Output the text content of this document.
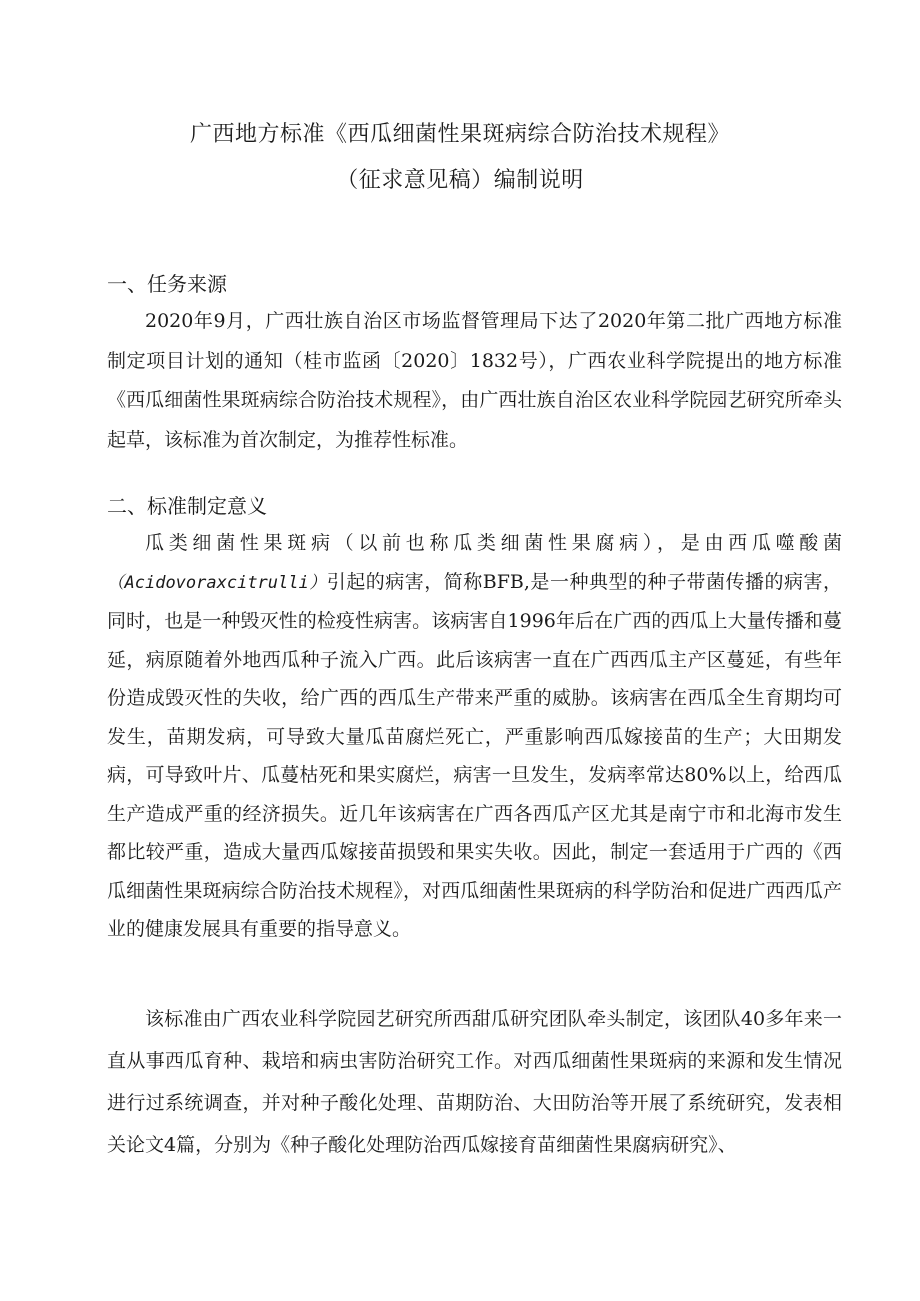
广西地方标准《西瓜细菌性果斑病综合防治技术规程》
（征求意见稿）编制说明
一、任务来源
2020年9月，广西壮族自治区市场监督管理局下达了2020年第二批广西地方标准制定项目计划的通知（桂市监函〔2020〕1832号），广西农业科学院提出的地方标准《西瓜细菌性果斑病综合防治技术规程》，由广西壮族自治区农业科学院园艺研究所牵头起草，该标准为首次制定，为推荐性标准。
二、标准制定意义
瓜类细菌性果斑病（以前也称瓜类细菌性果腐病），是由西瓜噬酸菌（Acidovoraxcitrulli）引起的病害，简称BFB,是一种典型的种子带菌传播的病害，同时，也是一种毁灭性的检疫性病害。该病害自1996年后在广西的西瓜上大量传播和蔓延，病原随着外地西瓜种子流入广西。此后该病害一直在广西西瓜主产区蔓延，有些年份造成毁灭性的失收，给广西的西瓜生产带来严重的威胁。该病害在西瓜全生育期均可发生，苗期发病，可导致大量瓜苗腐烂死亡，严重影响西瓜嫁接苗的生产；大田期发病，可导致叶片、瓜蔓枯死和果实腐烂，病害一旦发生，发病率常达80%以上，给西瓜生产造成严重的经济损失。近几年该病害在广西各西瓜产区尤其是南宁市和北海市发生都比较严重，造成大量西瓜嫁接苗损毁和果实失收。因此，制定一套适用于广西的《西瓜细菌性果斑病综合防治技术规程》，对西瓜细菌性果斑病的科学防治和促进广西西瓜产业的健康发展具有重要的指导意义。
该标准由广西农业科学院园艺研究所西甜瓜研究团队牵头制定，该团队40多年来一直从事西瓜育种、栽培和病虫害防治研究工作。对西瓜细菌性果斑病的来源和发生情况进行过系统调查，并对种子酸化处理、苗期防治、大田防治等开展了系统研究，发表相关论文4篇，分别为《种子酸化处理防治西瓜嫁接育苗细菌性果腐病研究》、
